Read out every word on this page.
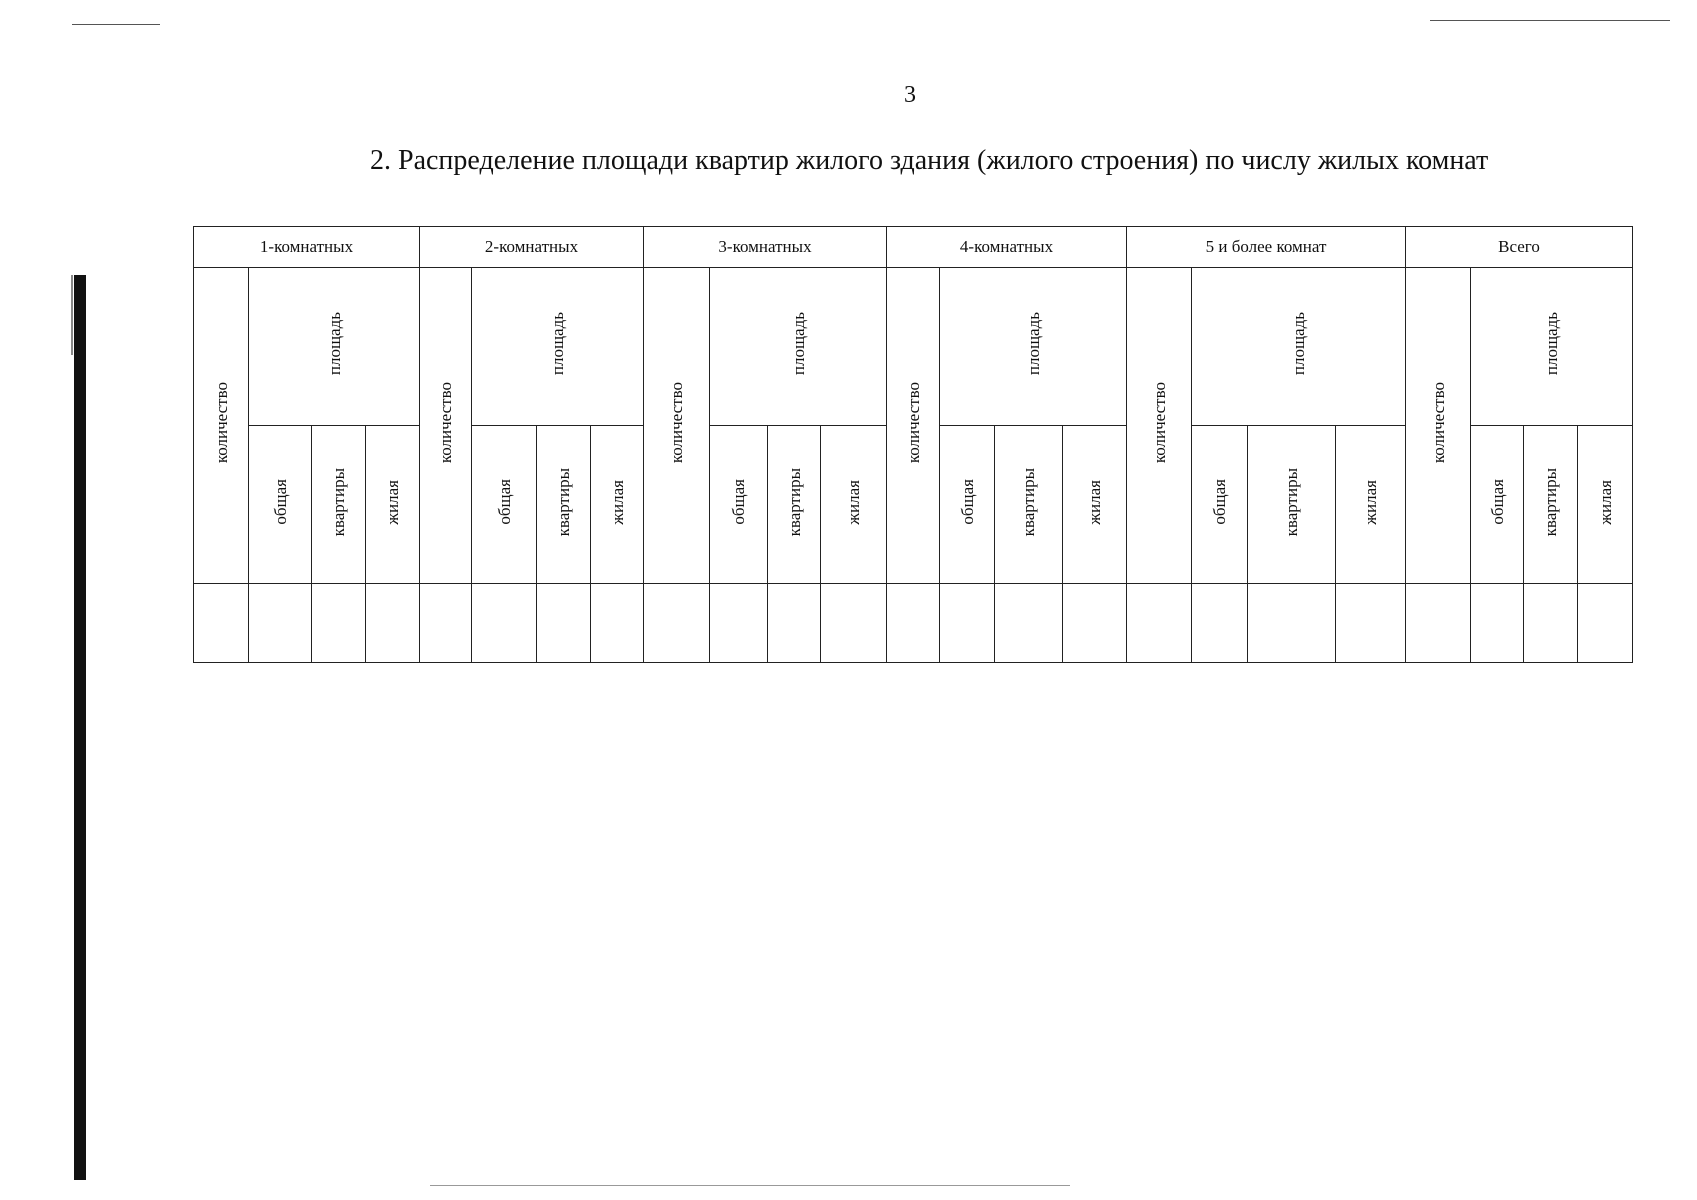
3
2. Распределение площади квартир жилого здания (жилого строения) по числу жилых комнат
1-комнатных				2-комнатных				3-комнатных				4-комнатных				5 и более комнат				Всего			
количество	площадь			количество	площадь			количество	площадь			количество	площадь			количество	площадь			количество	площадь		
	общая	квартиры	жилая		общая	квартиры	жилая		общая	квартиры	жилая		общая	квартиры	жилая		общая	квартиры	жилая		общая	квартиры	жилая
